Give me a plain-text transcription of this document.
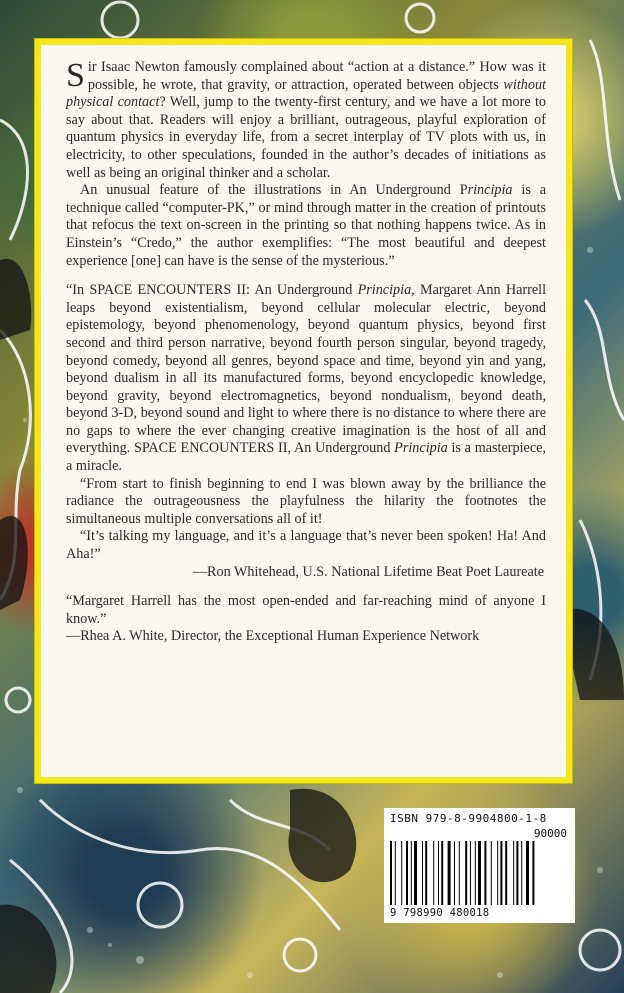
Sir Isaac Newton famously complained about “action at a distance.” How was it possible, he wrote, that gravity, or attraction, operated between objects without physical contact? Well, jump to the twenty-first century, and we have a lot more to say about that. Readers will enjoy a brilliant, outrageous, playful exploration of quantum physics in everyday life, from a secret interplay of TV plots with us, in electricity, to other speculations, founded in the author’s decades of initiations as well as being an original thinker and a scholar.

An unusual feature of the illustrations in An Underground Principia is a technique called “computer-PK,” or mind through matter in the creation of printouts that refocus the text on-screen in the printing so that nothing happens twice. As in Einstein’s “Credo,” the author exemplifies: “The most beautiful and deepest experience [one] can have is the sense of the mysterious.”

“In SPACE ENCOUNTERS II: An Underground Principia, Margaret Ann Harrell leaps beyond existentialism, beyond cellular molecular electric, beyond epistemology, beyond phenomenology, beyond quantum physics, beyond first second and third person narrative, beyond fourth person singular, beyond tragedy, beyond comedy, beyond all genres, beyond space and time, beyond yin and yang, beyond dualism in all its manufactured forms, beyond encyclopedic knowledge, beyond gravity, beyond electromagnetics, beyond nondualism, beyond death, beyond 3-D, beyond sound and light to where there is no distance to where there are no gaps to where the ever changing creative imagination is the host of all and everything. SPACE ENCOUNTERS II, An Underground Principia is a masterpiece, a miracle.

“From start to finish beginning to end I was blown away by the brilliance the radiance the outrageousness the playfulness the hilarity the footnotes the simultaneous multiple conversations all of it!

“It’s talking my language, and it’s a language that’s never been spoken! Ha! And Aha!”

—Ron Whitehead, U.S. National Lifetime Beat Poet Laureate

“Margaret Harrell has the most open-ended and far-reaching mind of anyone I know.”

—Rhea A. White, Director, the Exceptional Human Experience Network

ISBN 979-8-9904800-1-8
90000
9 798990 480018
